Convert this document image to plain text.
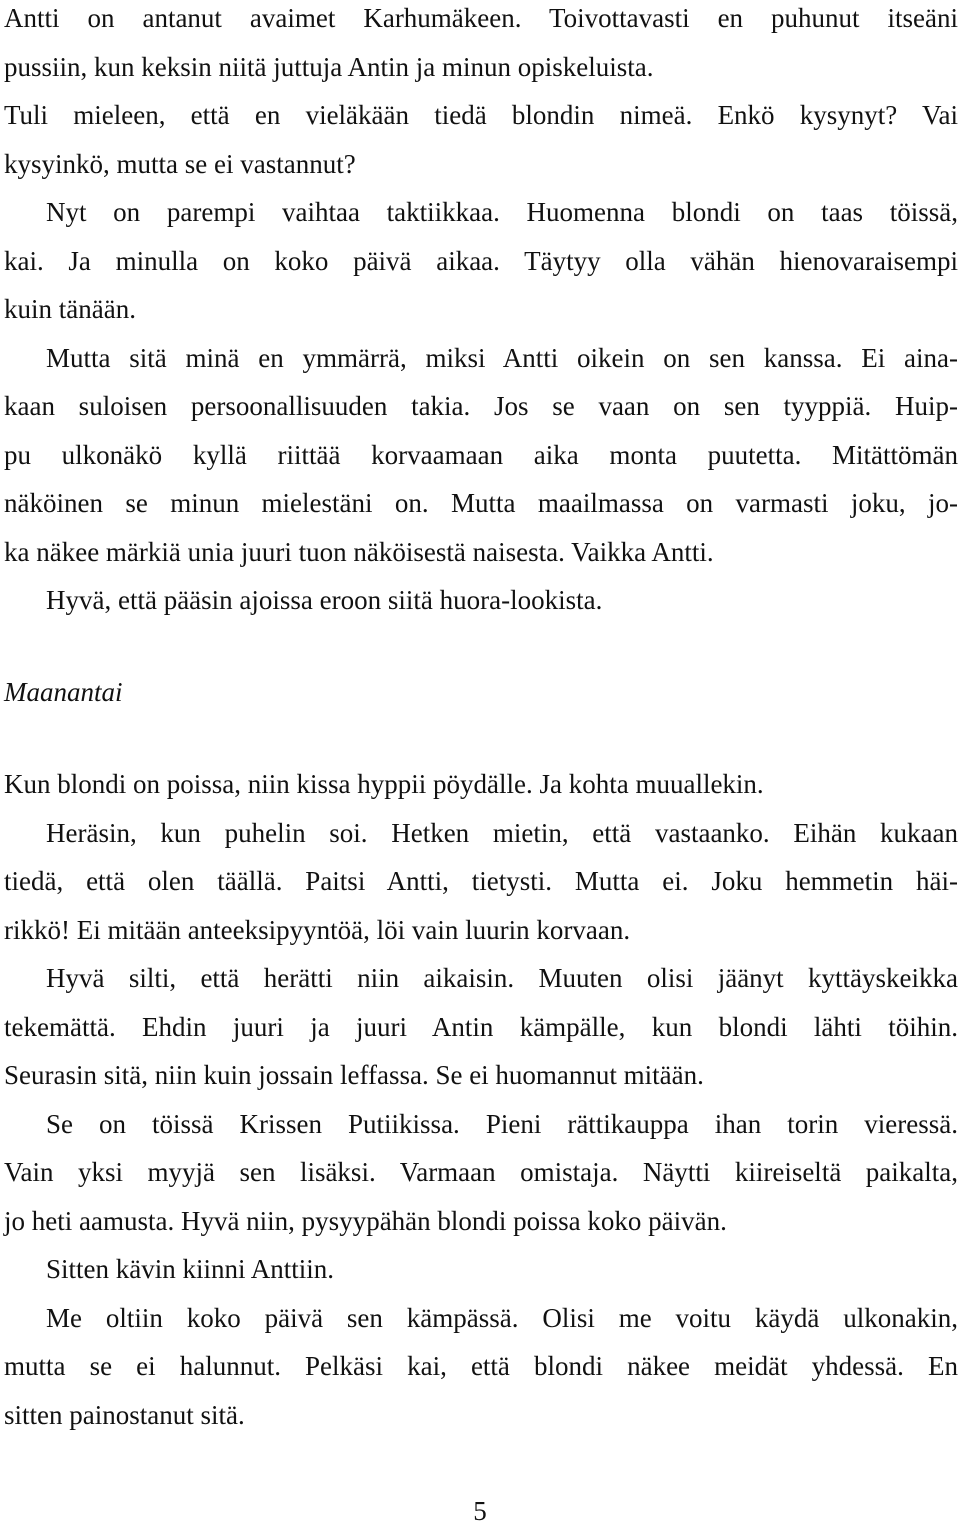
Antti on antanut avaimet Karhumäkeen. Toivottavasti en puhunut itseäni
pussiin, kun keksin niitä juttuja Antin ja minun opiskeluista.

Tuli mieleen, että en vieläkään tiedä blondin nimeä. Enkö kysynyt? Vai
kysyinkö, mutta se ei vastannut?

Nyt on parempi vaihtaa taktiikkaa. Huomenna blondi on taas töissä,
kai. Ja minulla on koko päivä aikaa. Täytyy olla vähän hienovaraisempi
kuin tänään.

Mutta sitä minä en ymmärrä, miksi Antti oikein on sen kanssa. Ei aina-
kaan suloisen persoonallisuuden takia. Jos se vaan on sen tyyppiä. Huip-
pu ulkonäkö kyllä riittää korvaamaan aika monta puutetta. Mitättömän
näköinen se minun mielestäni on. Mutta maailmassa on varmasti joku, jo-
ka näkee märkiä unia juuri tuon näköisestä naisesta. Vaikka Antti.

Hyvä, että pääsin ajoissa eroon siitä huora-lookista.

Maanantai

Kun blondi on poissa, niin kissa hyppii pöydälle. Ja kohta muuallekin.

Heräsin, kun puhelin soi. Hetken mietin, että vastaanko. Eihän kukaan
tiedä, että olen täällä. Paitsi Antti, tietysti. Mutta ei. Joku hemmetin häi-
rikkö! Ei mitään anteeksipyyntöä, löi vain luurin korvaan.

Hyvä silti, että herätti niin aikaisin. Muuten olisi jäänyt kyttäyskeikka
tekemättä. Ehdin juuri ja juuri Antin kämpälle, kun blondi lähti töihin.
Seurasin sitä, niin kuin jossain leffassa. Se ei huomannut mitään.

Se on töissä Krissen Putiikissa. Pieni rättikauppa ihan torin vieressä.
Vain yksi myyjä sen lisäksi. Varmaan omistaja. Näytti kiireiseltä paikalta,
jo heti aamusta. Hyvä niin, pysyypähän blondi poissa koko päivän.

Sitten kävin kiinni Anttiin.

Me oltiin koko päivä sen kämpässä. Olisi me voitu käydä ulkonakin,
mutta se ei halunnut. Pelkäsi kai, että blondi näkee meidät yhdessä. En
sitten painostanut sitä.

5
